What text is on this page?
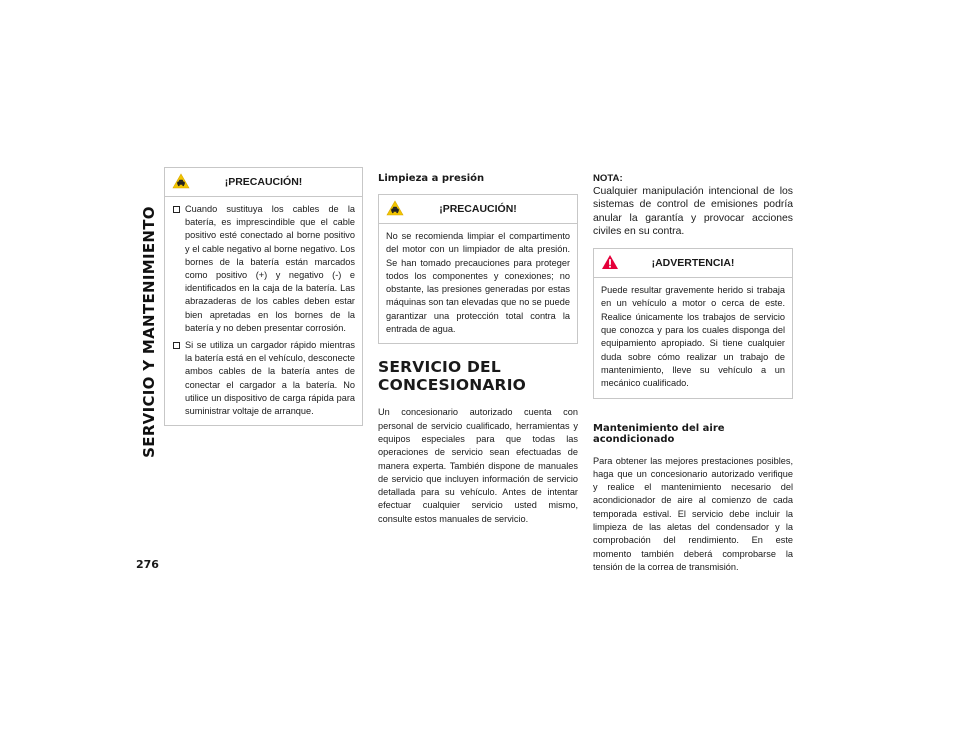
SERVICIO Y MANTENIMIENTO
276
¡PRECAUCIÓN!
Cuando sustituya los cables de la batería, es imprescindible que el cable positivo esté conectado al borne positivo y el cable negativo al borne negativo. Los bornes de la batería están marcados como positivo (+) y negativo (-) e identificados en la caja de la batería. Las abrazaderas de los cables deben estar bien apretadas en los bornes de la batería y no deben presentar corrosión.
Si se utiliza un cargador rápido mientras la batería está en el vehículo, desconecte ambos cables de la batería antes de conectar el cargador a la batería. No utilice un dispositivo de carga rápida para suministrar voltaje de arranque.
Limpieza a presión
¡PRECAUCIÓN!

No se recomienda limpiar el compartimento del motor con un limpiador de alta presión. Se han tomado precauciones para proteger todos los componentes y conexiones; no obstante, las presiones generadas por estas máquinas son tan elevadas que no se puede garantizar una protección total contra la entrada de agua.

SERVICIO DEL CONCESIONARIO

Un concesionario autorizado cuenta con personal de servicio cualificado, herramientas y equipos especiales para que todas las operaciones de servicio sean efectuadas de manera experta. También dispone de manuales de servicio que incluyen información de servicio detallada para su vehículo. Antes de intentar efectuar cualquier servicio usted mismo, consulte estos manuales de servicio.

NOTA:

Cualquier manipulación intencional de los sistemas de control de emisiones podría anular la garantía y provocar acciones civiles en su contra.

¡ADVERTENCIA!

Puede resultar gravemente herido si trabaja en un vehículo a motor o cerca de este. Realice únicamente los trabajos de servicio que conozca y para los cuales disponga del equipamiento apropiado. Si tiene cualquier duda sobre cómo realizar un trabajo de mantenimiento, lleve su vehículo a un mecánico cualificado.

Mantenimiento del aire acondicionado

Para obtener las mejores prestaciones posibles, haga que un concesionario autorizado verifique y realice el mantenimiento necesario del acondicionador de aire al comienzo de cada temporada estival. El servicio debe incluir la limpieza de las aletas del condensador y la comprobación del rendimiento. En este momento también deberá comprobarse la tensión de la correa de transmisión.
